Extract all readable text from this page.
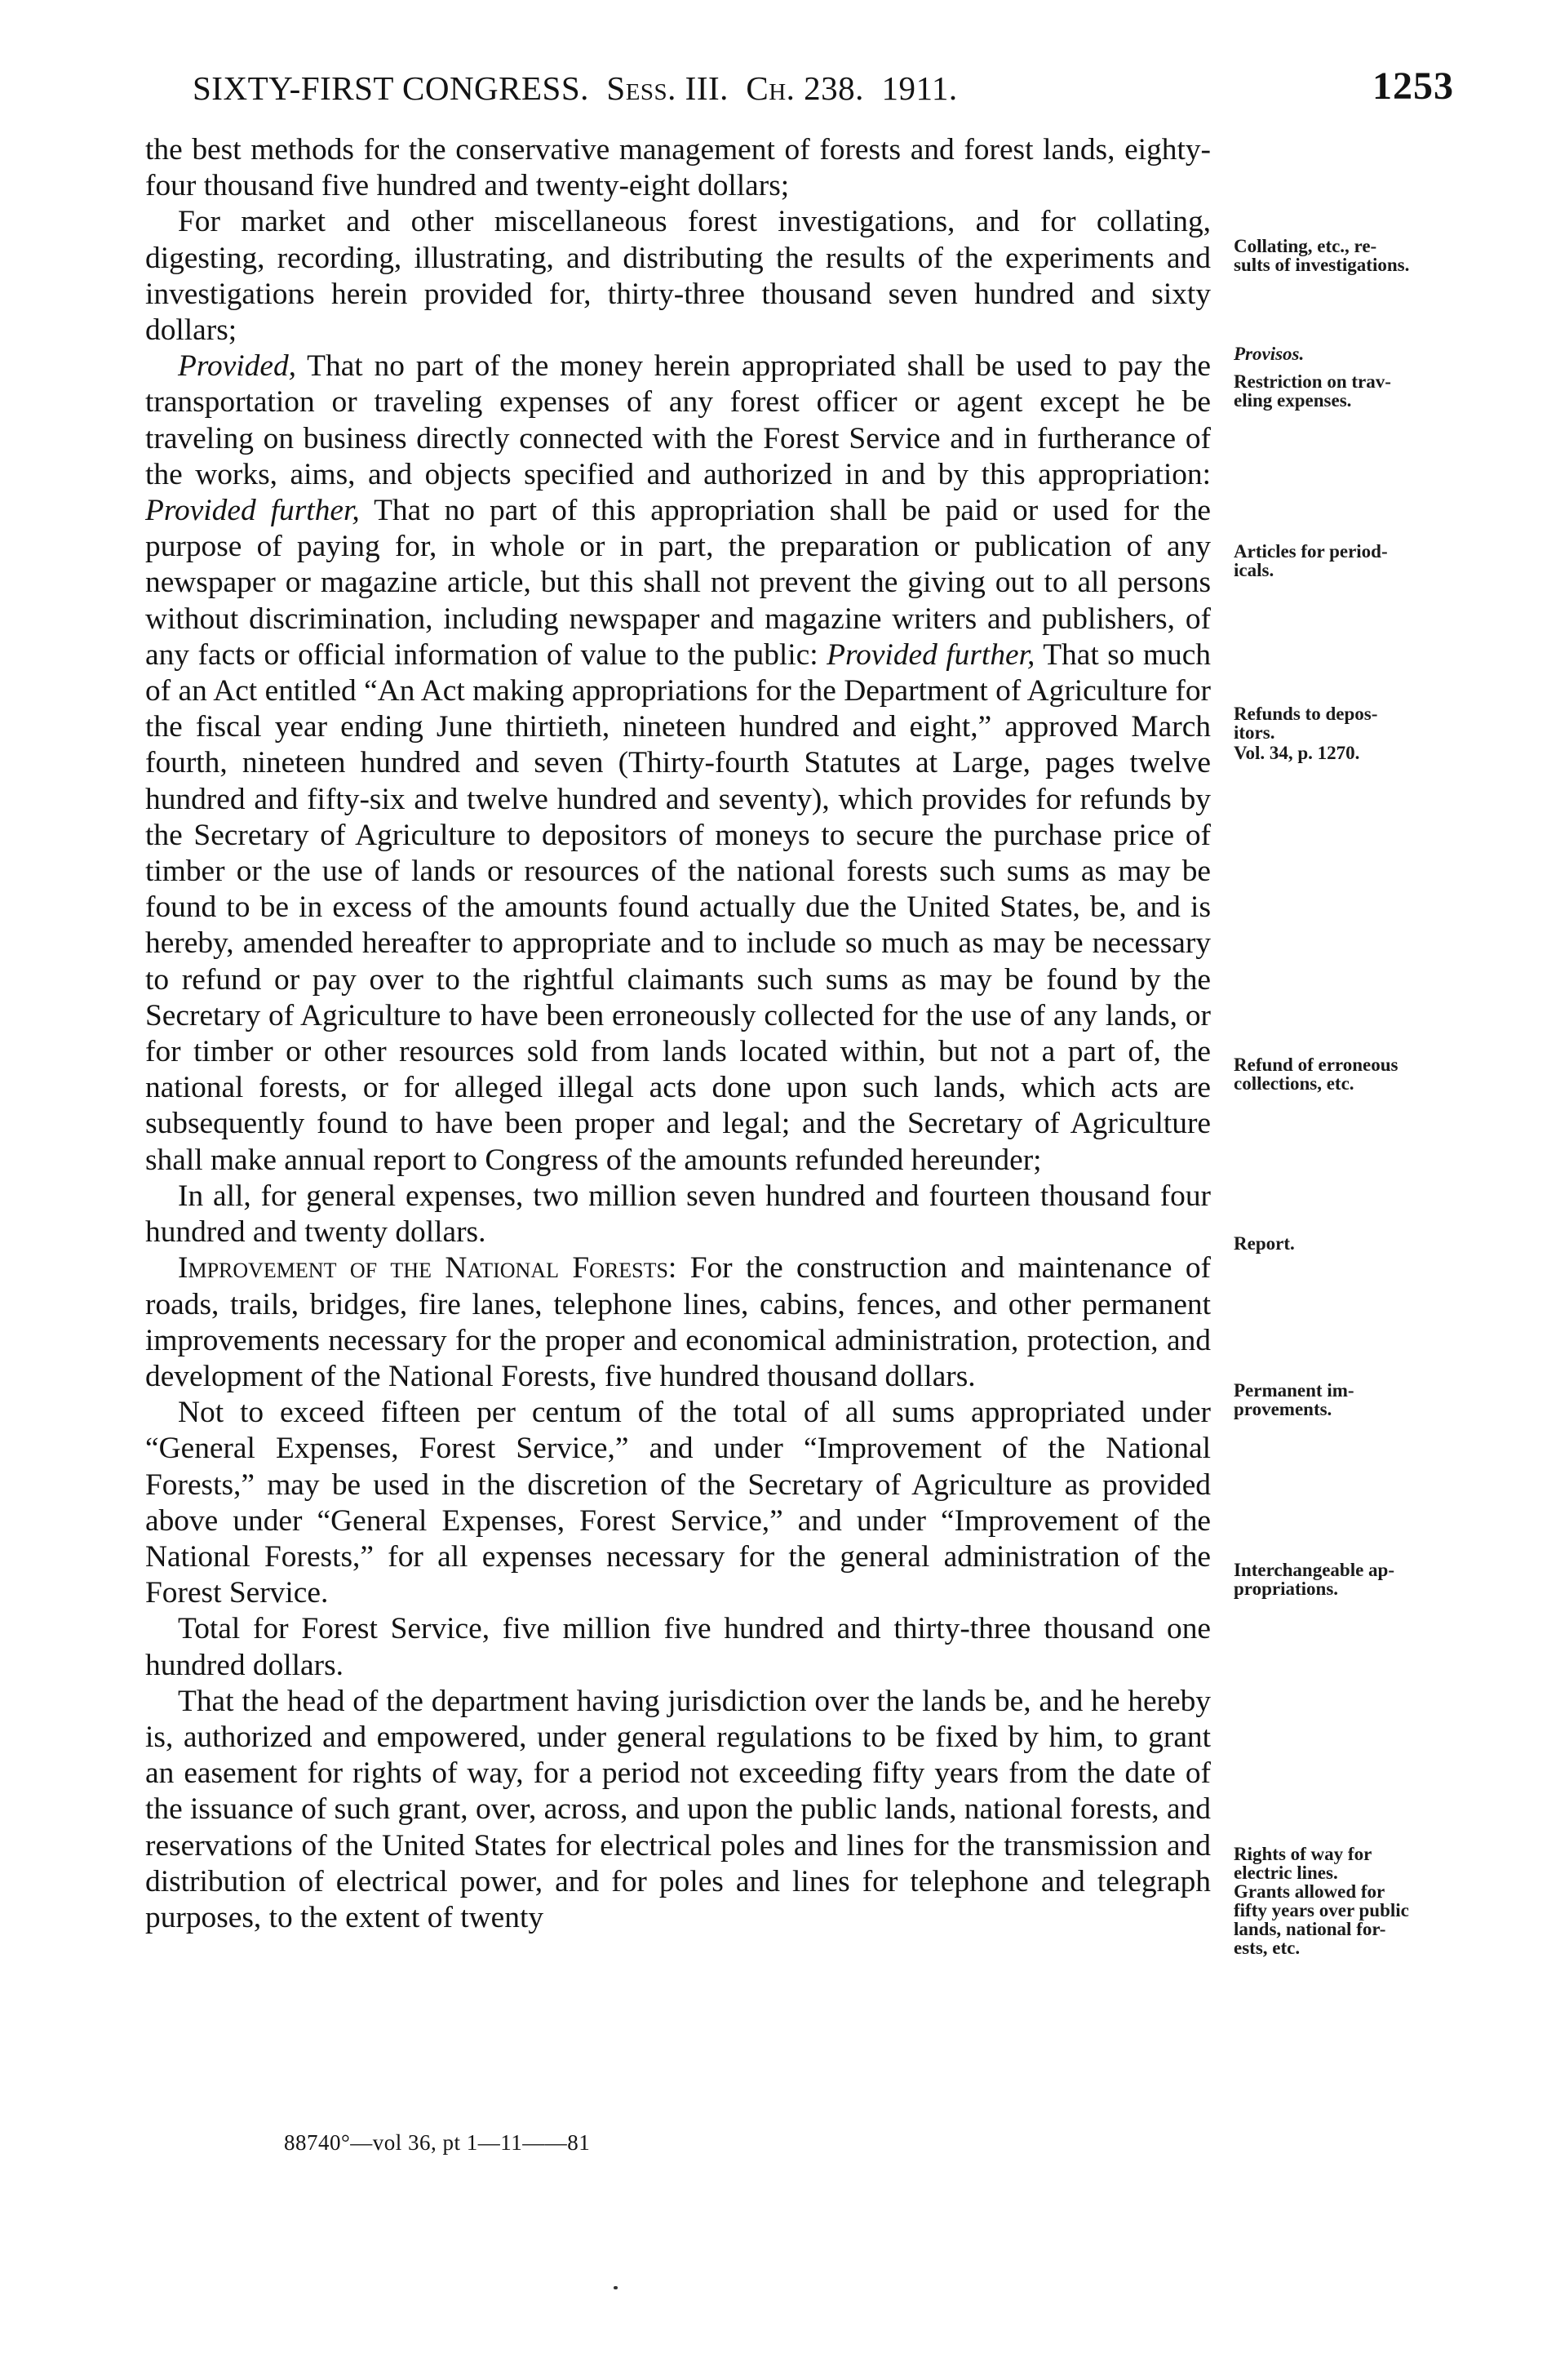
SIXTY-FIRST CONGRESS. Sess. III. Ch. 238. 1911.	1253

the best methods for the conservative management of forests and forest lands, eighty-four thousand five hundred and twenty-eight dollars;

For market and other miscellaneous forest investigations, and for collating, digesting, recording, illustrating, and distributing the results of the experiments and investigations herein provided for, thirty-three thousand seven hundred and sixty dollars;

Provided, That no part of the money herein appropriated shall be used to pay the transportation or traveling expenses of any forest officer or agent except he be traveling on business directly connected with the Forest Service and in furtherance of the works, aims, and objects specified and authorized in and by this appropriation: Provided further, That no part of this appropriation shall be paid or used for the purpose of paying for, in whole or in part, the preparation or publication of any newspaper or magazine article, but this shall not prevent the giving out to all persons without discrimination, including newspaper and magazine writers and publishers, of any facts or official information of value to the public: Provided further, That so much of an Act entitled “An Act making appropriations for the Department of Agriculture for the fiscal year ending June thirtieth, nineteen hundred and eight,” approved March fourth, nineteen hundred and seven (Thirty-fourth Statutes at Large, pages twelve hundred and fifty-six and twelve hundred and seventy), which provides for refunds by the Secretary of Agriculture to depositors of moneys to secure the purchase price of timber or the use of lands or resources of the national forests such sums as may be found to be in excess of the amounts found actually due the United States, be, and is hereby, amended hereafter to appropriate and to include so much as may be necessary to refund or pay over to the rightful claimants such sums as may be found by the Secretary of Agriculture to have been erroneously collected for the use of any lands, or for timber or other resources sold from lands located within, but not a part of, the national forests, or for alleged illegal acts done upon such lands, which acts are subsequently found to have been proper and legal; and the Secretary of Agriculture shall make annual report to Congress of the amounts refunded hereunder;

In all, for general expenses, two million seven hundred and fourteen thousand four hundred and twenty dollars.

Improvement of the National Forests: For the construction and maintenance of roads, trails, bridges, fire lanes, telephone lines, cabins, fences, and other permanent improvements necessary for the proper and economical administration, protection, and development of the National Forests, five hundred thousand dollars.

Not to exceed fifteen per centum of the total of all sums appropriated under “General Expenses, Forest Service,” and under “Improvement of the National Forests,” may be used in the discretion of the Secretary of Agriculture as provided above under “General Expenses, Forest Service,” and under “Improvement of the National Forests,” for all expenses necessary for the general administration of the Forest Service.

Total for Forest Service, five million five hundred and thirty-three thousand one hundred dollars.

That the head of the department having jurisdiction over the lands be, and he hereby is, authorized and empowered, under general regulations to be fixed by him, to grant an easement for rights of way, for a period not exceeding fifty years from the date of the issuance of such grant, over, across, and upon the public lands, national forests, and reservations of the United States for electrical poles and lines for the transmission and distribution of electrical power, and for poles and lines for telephone and telegraph purposes, to the extent of twenty

Collating, etc., re-
sults of investigations.
Provisos.
Restriction on trav-
eling expenses.
Articles for period-
icals.
Refunds to depos-
itors.
Vol. 34, p. 1270.
Refund of erroneous
collections, etc.
Report.
Permanent im-
provements.
Interchangeable ap-
propriations.
Rights of way for
electric lines.
Grants allowed for
fifty years over public
lands, national for-
ests, etc.
88740°—vol 36, pt 1—11——81
